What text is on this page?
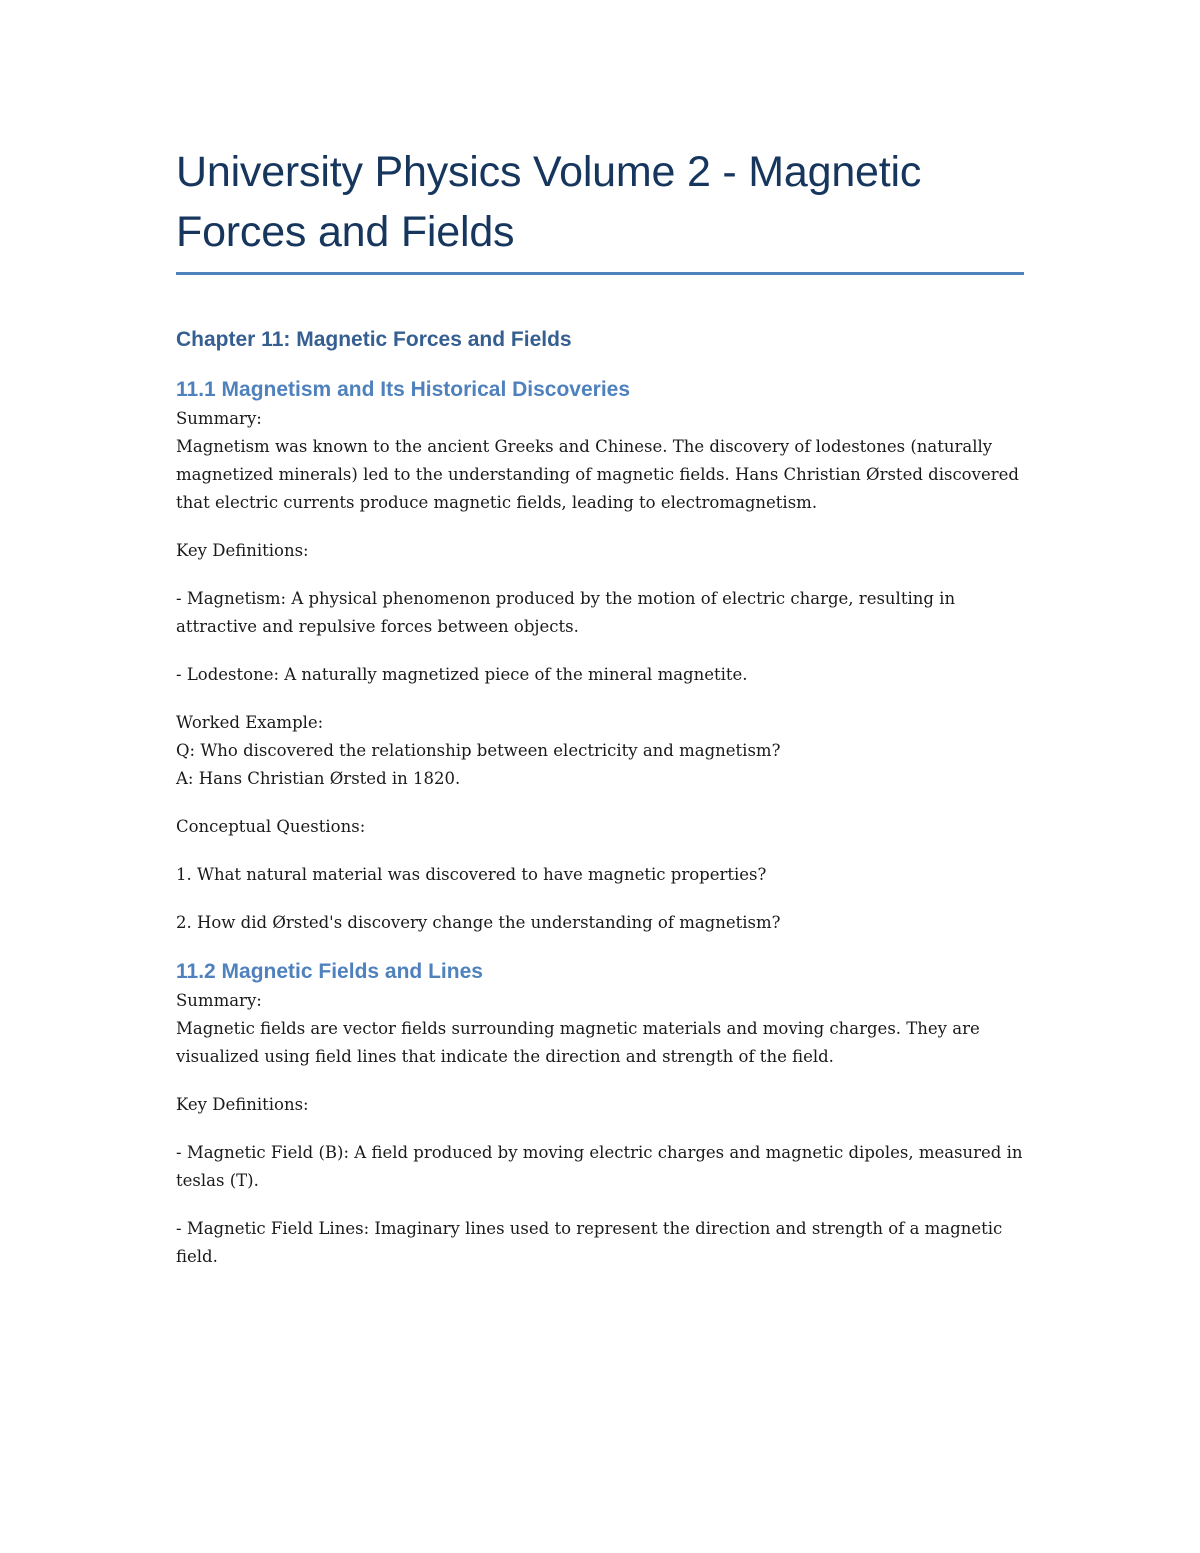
University Physics Volume 2 - Magnetic Forces and Fields
Chapter 11: Magnetic Forces and Fields
11.1 Magnetism and Its Historical Discoveries

Summary:

Magnetism was known to the ancient Greeks and Chinese. The discovery of lodestones (naturally magnetized minerals) led to the understanding of magnetic fields. Hans Christian Ørsted discovered that electric currents produce magnetic fields, leading to electromagnetism.

Key Definitions:

- Magnetism: A physical phenomenon produced by the motion of electric charge, resulting in attractive and repulsive forces between objects.

- Lodestone: A naturally magnetized piece of the mineral magnetite.

Worked Example:

Q: Who discovered the relationship between electricity and magnetism?

A: Hans Christian Ørsted in 1820.

Conceptual Questions:

1. What natural material was discovered to have magnetic properties?

2. How did Ørsted's discovery change the understanding of magnetism?

11.2 Magnetic Fields and Lines

Summary:

Magnetic fields are vector fields surrounding magnetic materials and moving charges. They are visualized using field lines that indicate the direction and strength of the field.

Key Definitions:

- Magnetic Field (B): A field produced by moving electric charges and magnetic dipoles, measured in teslas (T).

- Magnetic Field Lines: Imaginary lines used to represent the direction and strength of a magnetic field.
